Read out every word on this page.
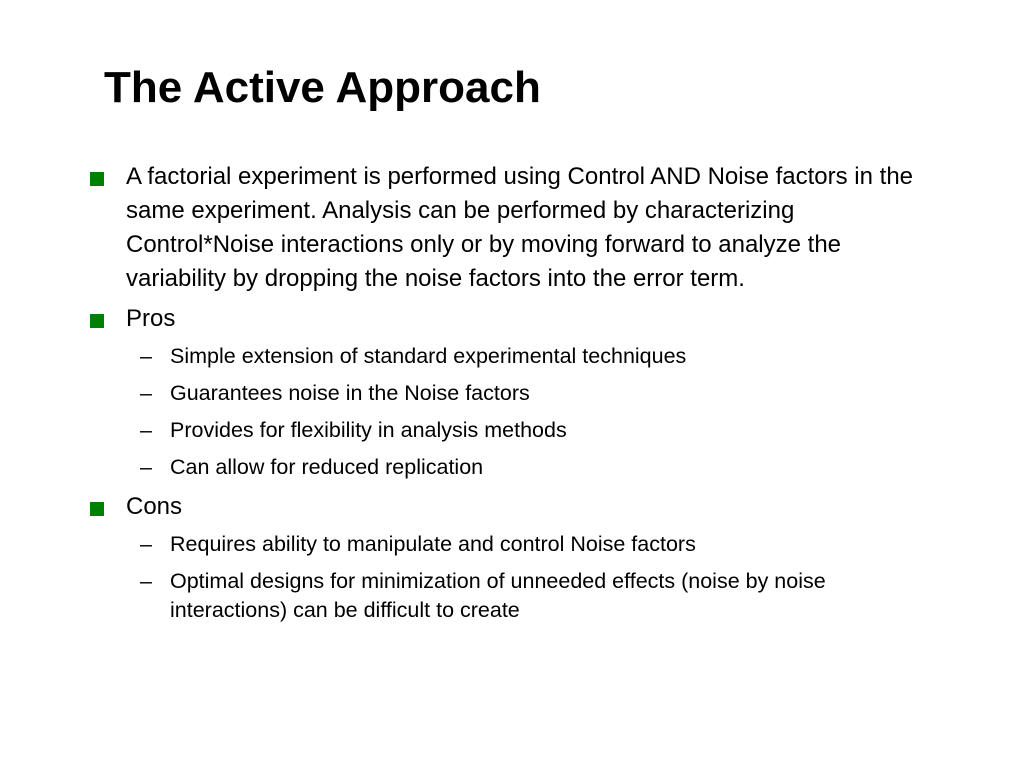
The Active Approach
A factorial experiment is performed using Control AND Noise factors in the same experiment. Analysis can be performed by characterizing Control*Noise interactions only or by moving forward to analyze the variability by dropping the noise factors into the error term.
Pros
– Simple extension of standard experimental techniques
– Guarantees noise in the Noise factors
– Provides for flexibility in analysis methods
– Can allow for reduced replication
Cons
– Requires ability to manipulate and control Noise factors
– Optimal designs for minimization of unneeded effects (noise by noise interactions) can be difficult to create
